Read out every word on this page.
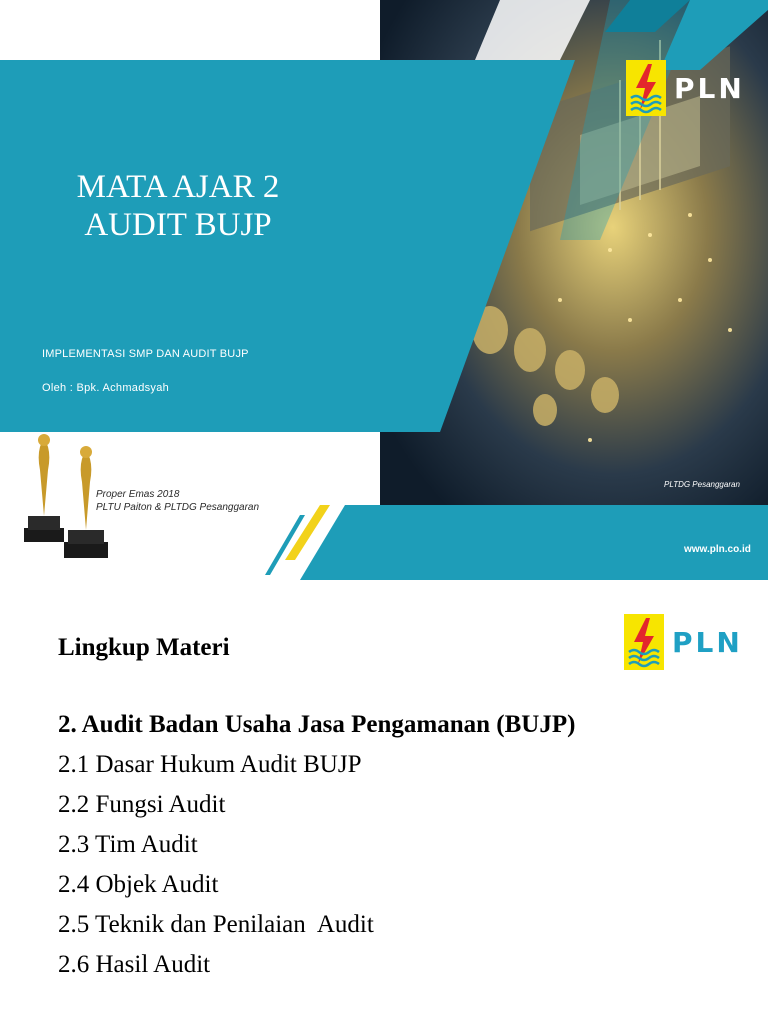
MATA AJAR 2
AUDIT BUJP
IMPLEMENTASI SMP DAN AUDIT BUJP
Oleh : Bpk. Achmadsyah
PLN
Proper Emas 2018
PLTU Paiton & PLTDG Pesanggaran
PLTDG Pesanggaran
www.pln.co.id
Lingkup Materi	PLN
2. Audit Badan Usaha Jasa Pengamanan (BUJP)
2.1 Dasar Hukum Audit BUJP
2.2 Fungsi Audit
2.3 Tim Audit
2.4 Objek Audit
2.5 Teknik dan Penilaian  Audit
2.6 Hasil Audit
